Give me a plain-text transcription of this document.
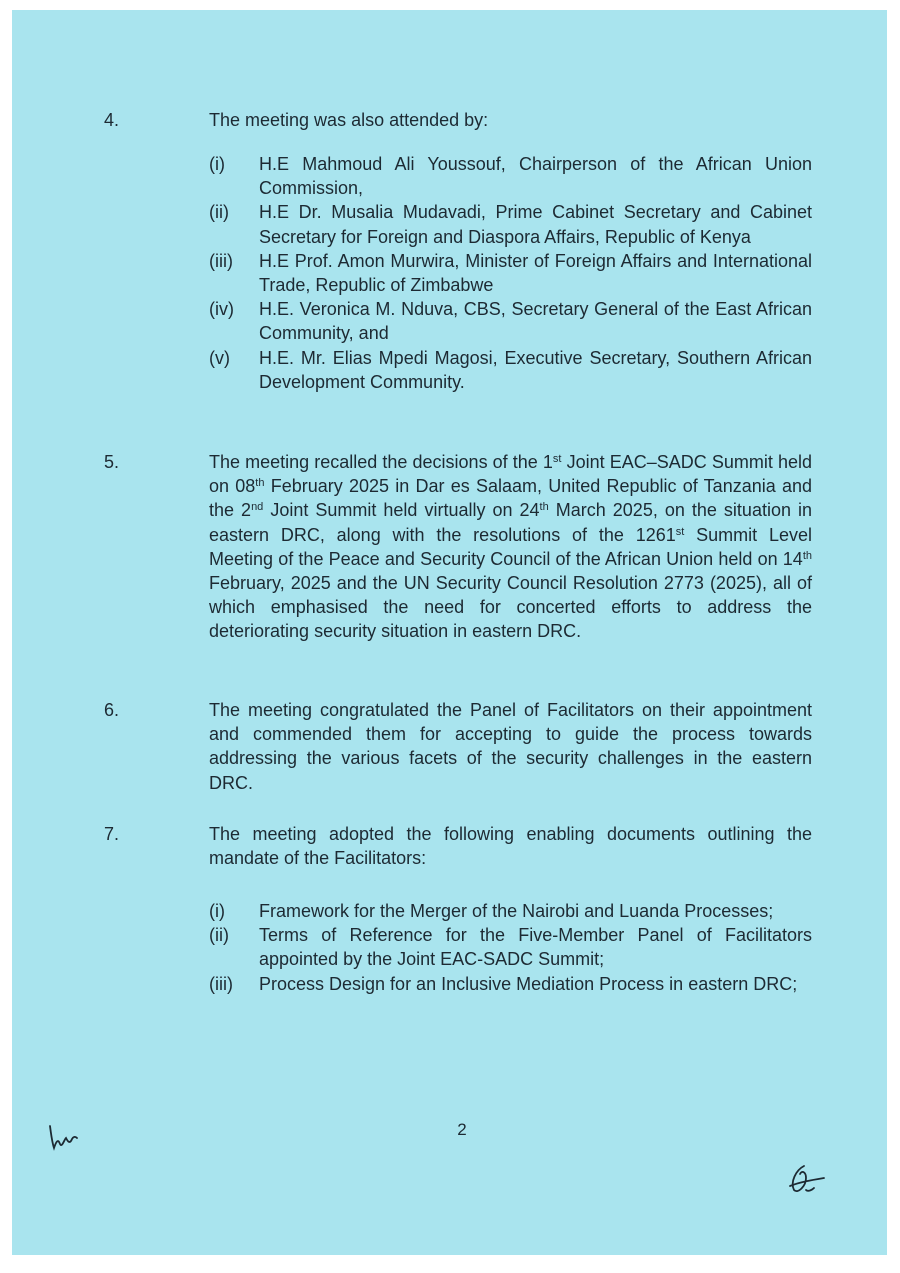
4.	The meeting was also attended by:
(i) H.E Mahmoud Ali Youssouf, Chairperson of the African Union Commission,
(ii) H.E Dr. Musalia Mudavadi, Prime Cabinet Secretary and Cabinet Secretary for Foreign and Diaspora Affairs, Republic of Kenya
(iii) H.E Prof. Amon Murwira, Minister of Foreign Affairs and International Trade, Republic of Zimbabwe
(iv) H.E. Veronica M. Nduva, CBS, Secretary General of the East African Community, and
(v) H.E. Mr. Elias Mpedi Magosi, Executive Secretary, Southern African Development Community.
5.	The meeting recalled the decisions of the 1st Joint EAC–SADC Summit held on 08th February 2025 in Dar es Salaam, United Republic of Tanzania and the 2nd Joint Summit held virtually on 24th March 2025, on the situation in eastern DRC, along with the resolutions of the 1261st Summit Level Meeting of the Peace and Security Council of the African Union held on 14th February, 2025 and the UN Security Council Resolution 2773 (2025), all of which emphasised the need for concerted efforts to address the deteriorating security situation in eastern DRC.
6.	The meeting congratulated the Panel of Facilitators on their appointment and commended them for accepting to guide the process towards addressing the various facets of the security challenges in the eastern DRC.
7.	The meeting adopted the following enabling documents outlining the mandate of the Facilitators:
(i) Framework for the Merger of the Nairobi and Luanda Processes;
(ii) Terms of Reference for the Five-Member Panel of Facilitators appointed by the Joint EAC-SADC Summit;
(iii) Process Design for an Inclusive Mediation Process in eastern DRC;
2
